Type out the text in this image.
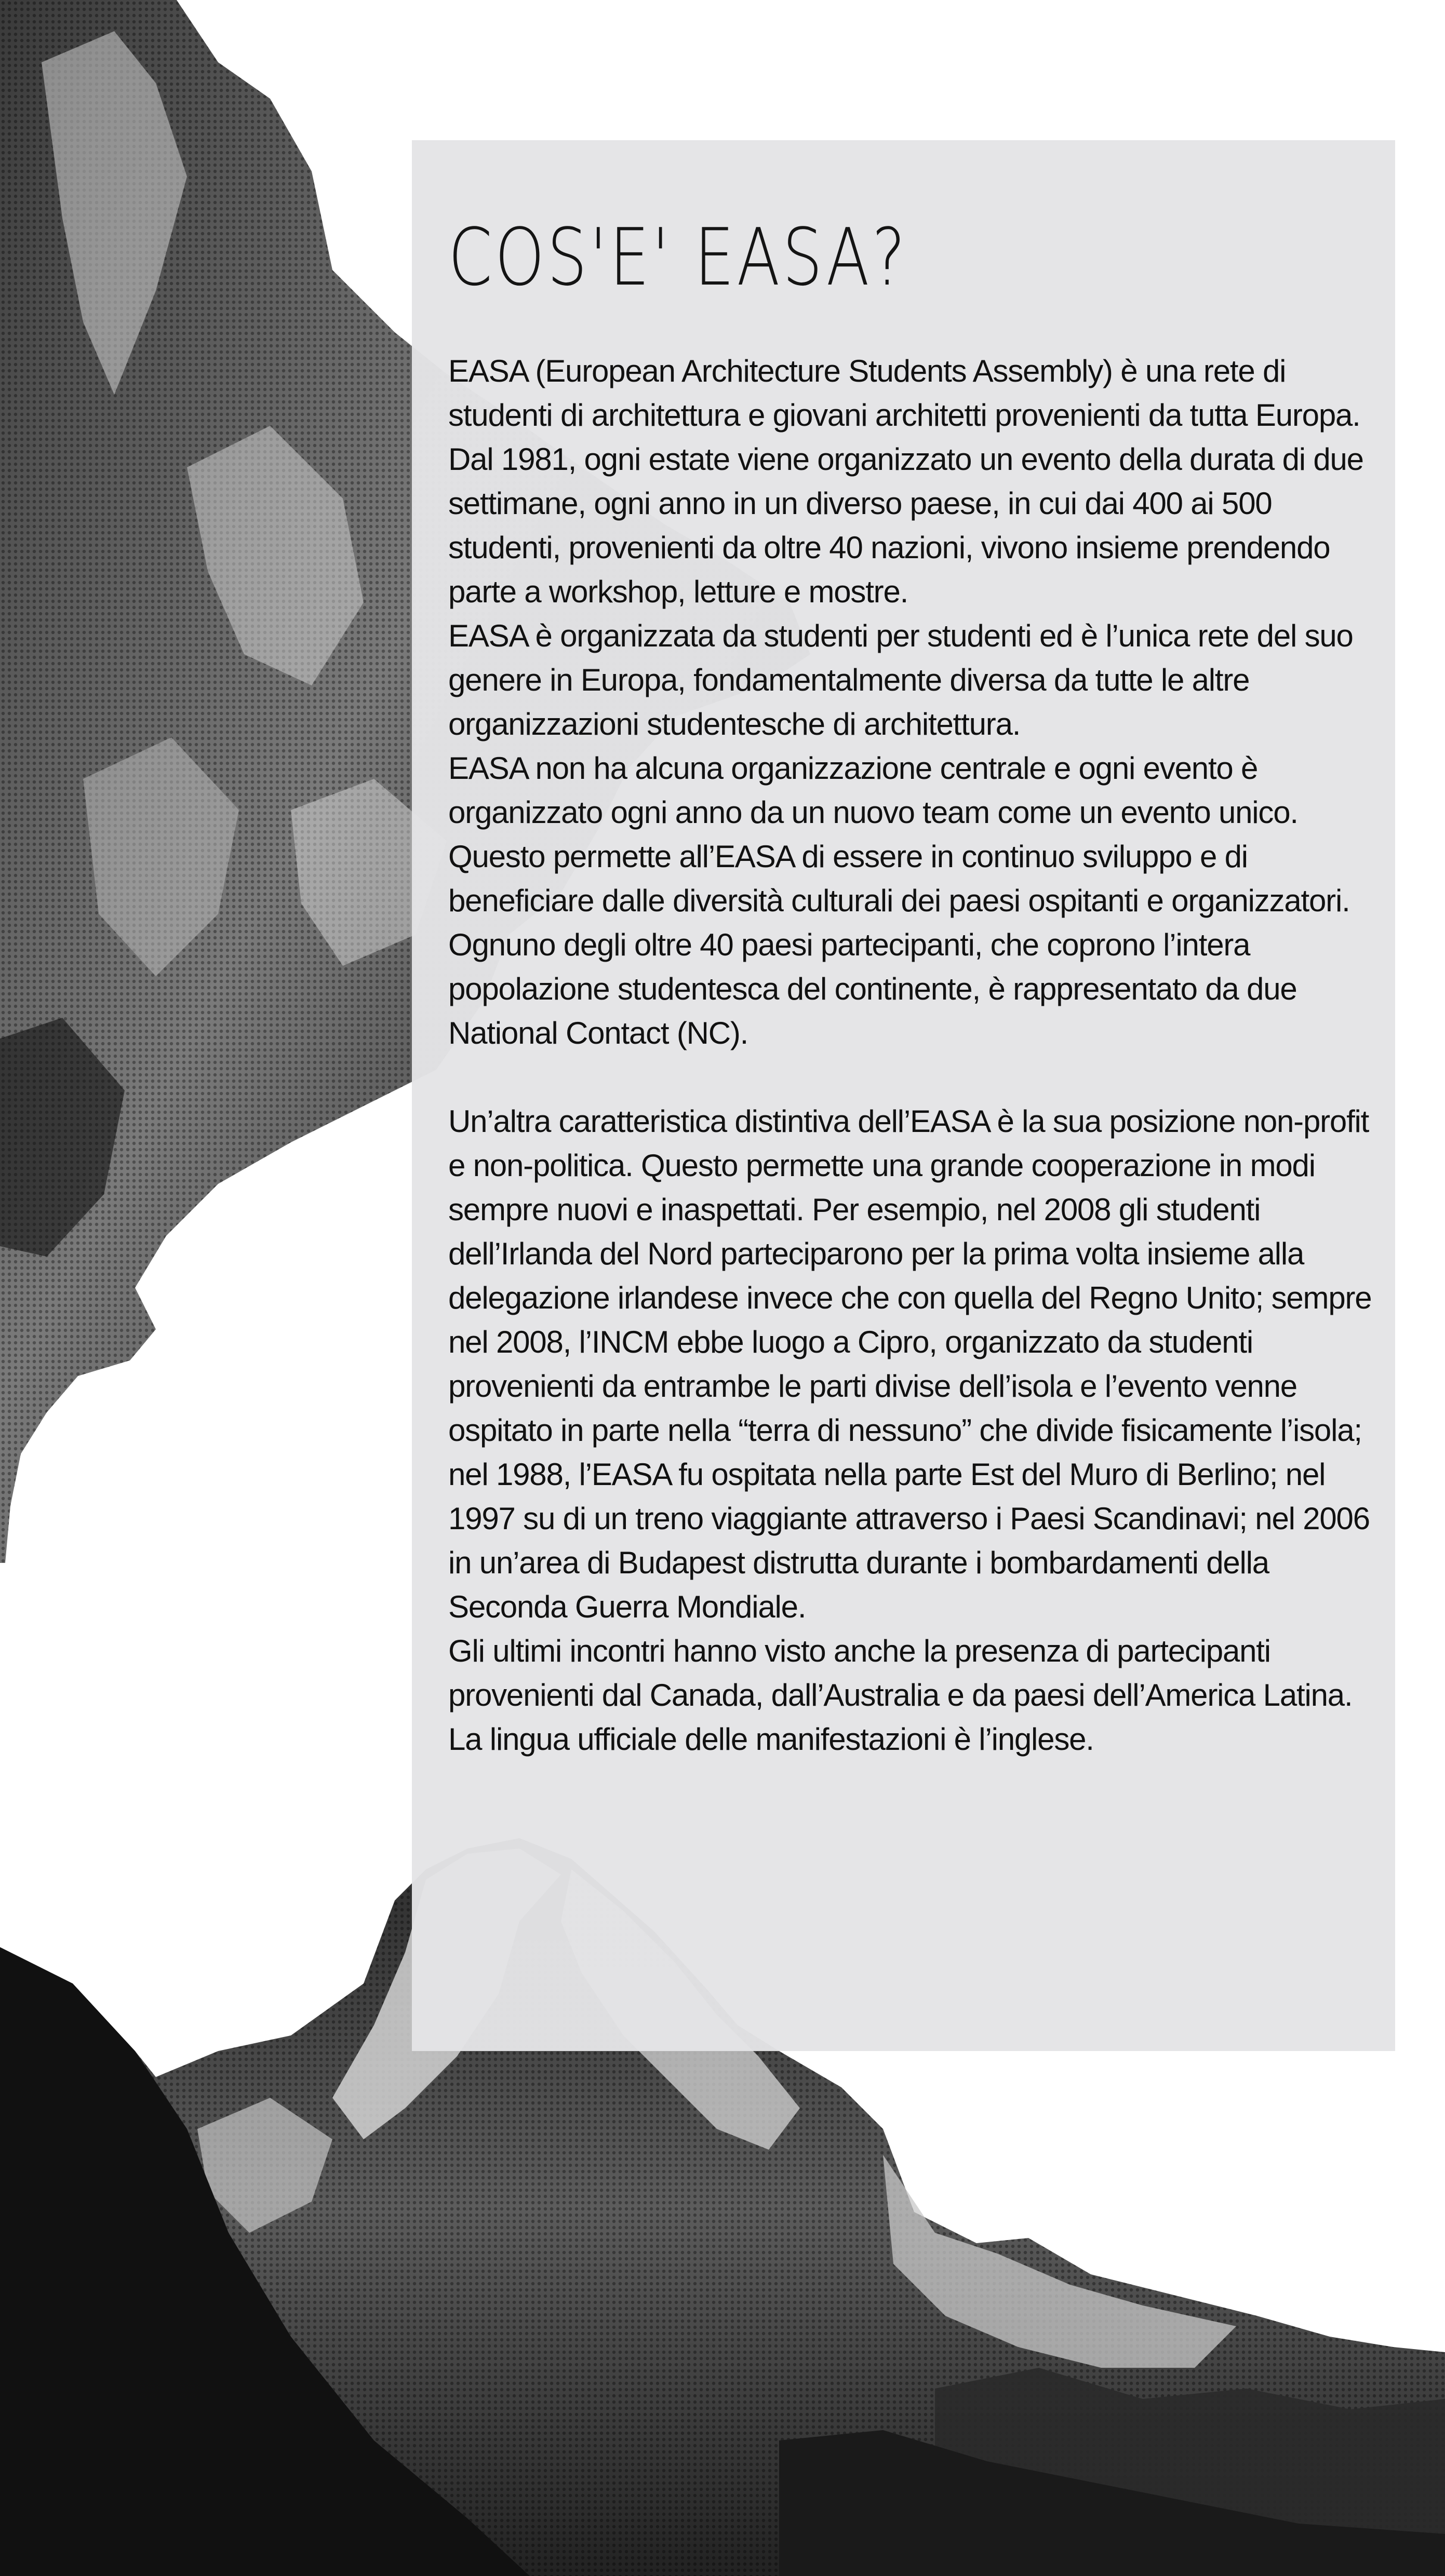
COS'E' EASA?

EASA (European Architecture Students Assembly) è una rete di studenti di architettura e giovani architetti provenienti da tutta Europa.

Dal 1981, ogni estate viene organizzato un evento della durata di due settimane, ogni anno in un diverso paese, in cui dai 400 ai 500 studenti, provenienti da oltre 40 nazioni, vivono insieme prendendo parte a workshop, letture e mostre.

EASA è organizzata da studenti per studenti ed è l’unica rete del suo genere in Europa, fondamentalmente diversa da tutte le altre organizzazioni studentesche di architettura.

EASA non ha alcuna organizzazione centrale e ogni evento è organizzato ogni anno da un nuovo team come un evento unico. Questo permette all’EASA di essere in continuo sviluppo e di beneficiare dalle diversità culturali dei paesi ospitanti e organizzatori.

Ognuno degli oltre 40 paesi partecipanti, che coprono l’intera popolazione studentesca del continente, è rappresentato da due National Contact (NC).

Un’altra caratteristica distintiva dell’EASA è la sua posizione non-profit e non-politica. Questo permette una grande cooperazione in modi sempre nuovi e inaspettati. Per esempio, nel 2008 gli studenti dell’Irlanda del Nord parteciparono per la prima volta insieme alla delegazione irlandese invece che con quella del Regno Unito; sempre nel 2008, l’INCM ebbe luogo a Cipro, organizzato da studenti provenienti da entrambe le parti divise dell’isola e l’evento venne ospitato in parte nella “terra di nessuno” che divide fisicamente l’isola; nel 1988, l’EASA fu ospitata nella parte Est del Muro di Berlino; nel 1997 su di un treno viaggiante attraverso i Paesi Scandinavi; nel 2006 in un’area di Budapest distrutta durante i bombardamenti della Seconda Guerra Mondiale.

Gli ultimi incontri hanno visto anche la presenza di partecipanti provenienti dal Canada, dall’Australia e da paesi dell’America Latina.

La lingua ufficiale delle manifestazioni è l’inglese.
